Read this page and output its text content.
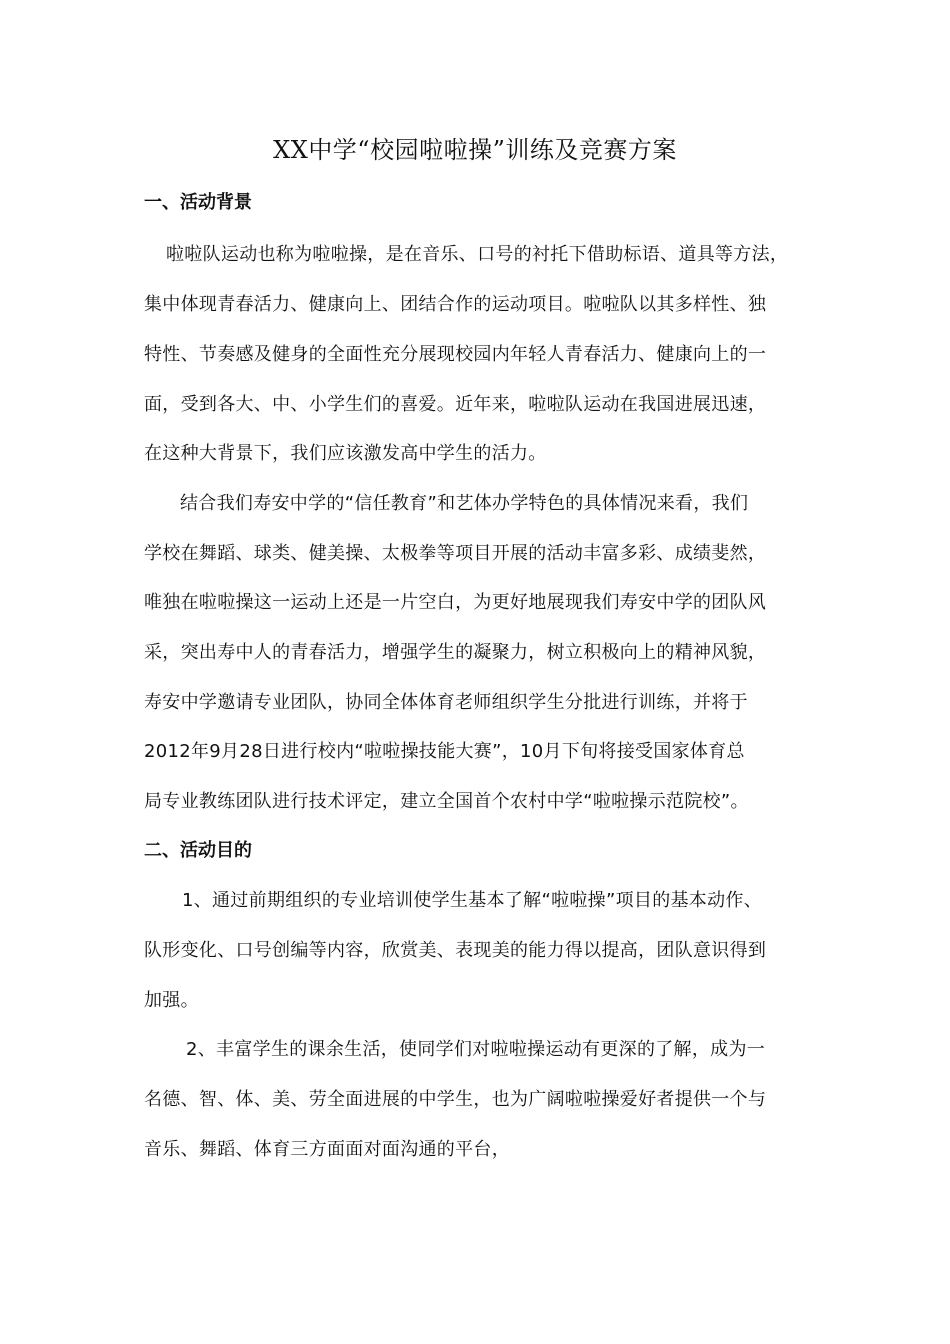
XX中学“校园啦啦操”训练及竞赛方案
一、活动背景
啦啦队运动也称为啦啦操，是在音乐、口号的衬托下借助标语、道具等方法，
集中体现青春活力、健康向上、团结合作的运动项目。啦啦队以其多样性、独
特性、节奏感及健身的全面性充分展现校园内年轻人青春活力、健康向上的一
面，受到各大、中、小学生们的喜爱。近年来，啦啦队运动在我国进展迅速，
在这种大背景下，我们应该激发高中学生的活力。
结合我们寿安中学的“信任教育”和艺体办学特色的具体情况来看，我们
学校在舞蹈、球类、健美操、太极拳等项目开展的活动丰富多彩、成绩斐然，
唯独在啦啦操这一运动上还是一片空白，为更好地展现我们寿安中学的团队风
采，突出寿中人的青春活力，增强学生的凝聚力，树立积极向上的精神风貌，
寿安中学邀请专业团队，协同全体体育老师组织学生分批进行训练，并将于
2012年9月28日进行校内“啦啦操技能大赛”，10月下旬将接受国家体育总
局专业教练团队进行技术评定，建立全国首个农村中学“啦啦操示范院校”。
二、活动目的
1、通过前期组织的专业培训使学生基本了解“啦啦操”项目的基本动作、
队形变化、口号创编等内容，欣赏美、表现美的能力得以提高，团队意识得到
加强。
2、丰富学生的课余生活，使同学们对啦啦操运动有更深的了解，成为一
名德、智、体、美、劳全面进展的中学生，也为广阔啦啦操爱好者提供一个与
音乐、舞蹈、体育三方面面对面沟通的平台，
